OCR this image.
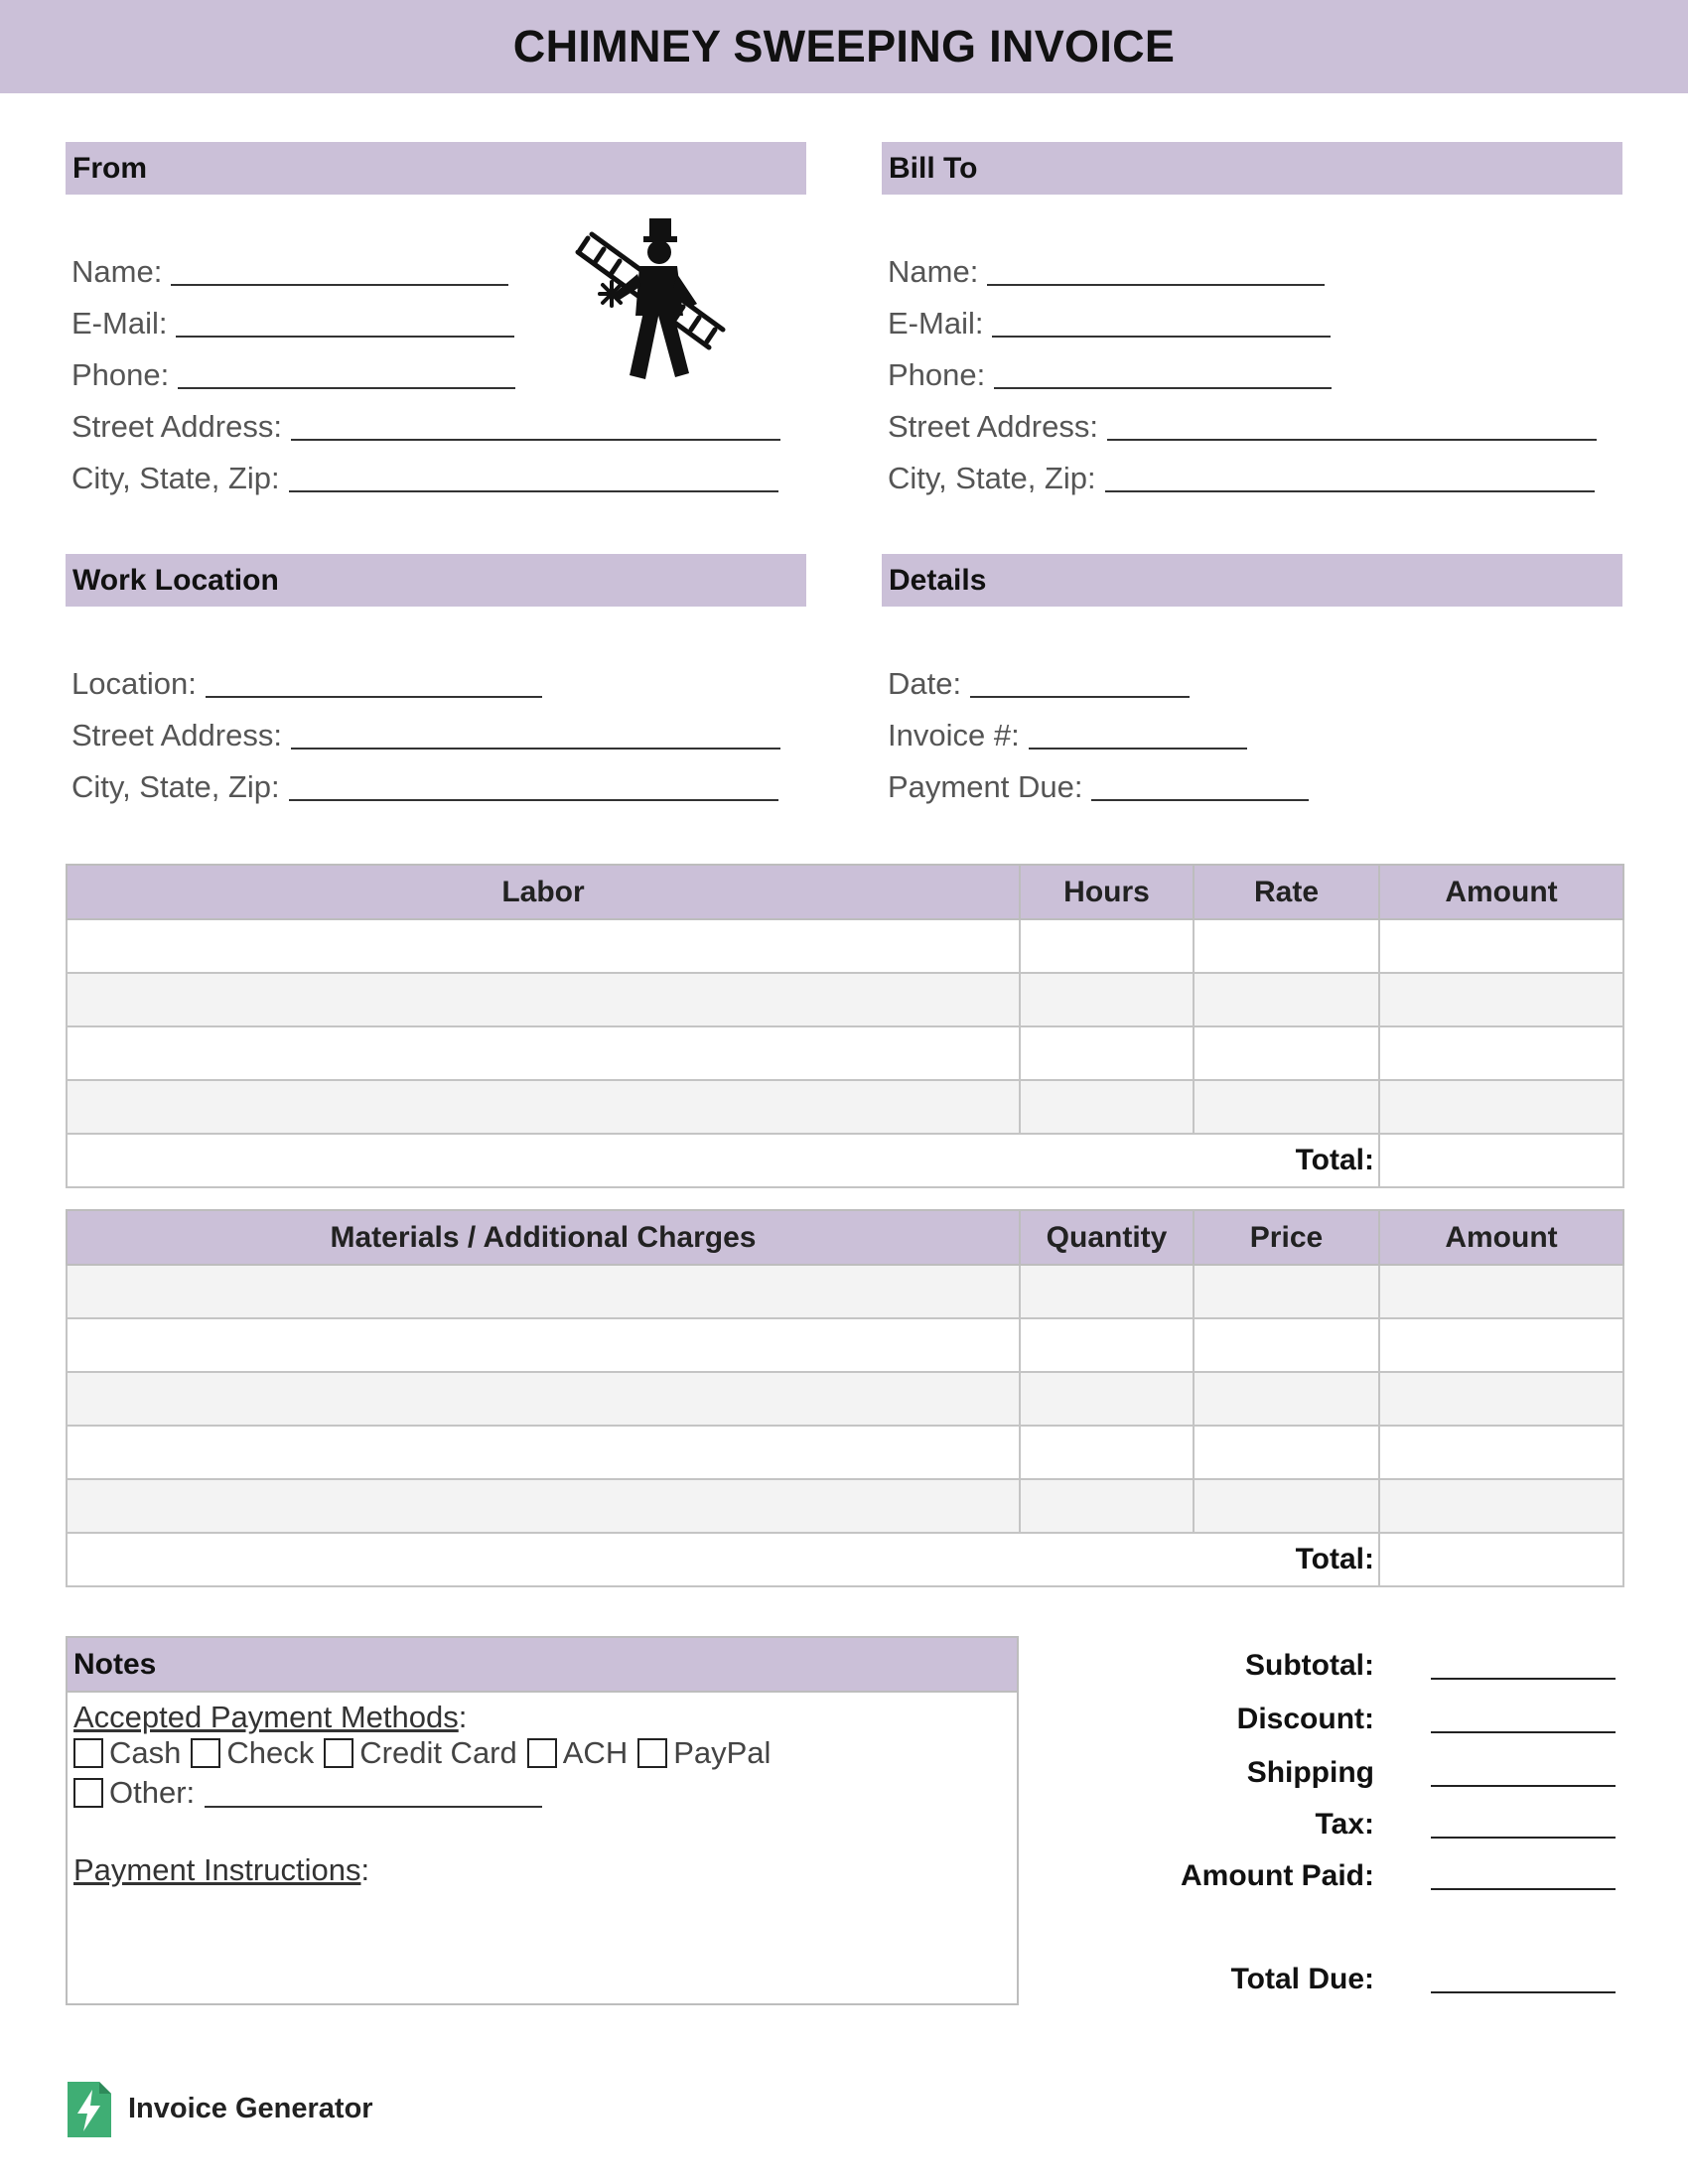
CHIMNEY SWEEPING INVOICE
From
Name:
E-Mail:
Phone:
Street Address:
City, State, Zip:
Bill To
Name:
E-Mail:
Phone:
Street Address:
City, State, Zip:
Work Location
Location:
Street Address:
City, State, Zip:
Details
Date:
Invoice #:
Payment Due:
Labor	Hours	Rate	Amount

Total:			
Materials / Additional Charges	Quantity	Price	Amount

Total:			
Notes
Accepted Payment Methods:
Cash Check Credit Card ACH PayPal
Other:
Payment Instructions:
Subtotal:
Discount:
Shipping
Tax:
Amount Paid:
Total Due:
Invoice Generator
